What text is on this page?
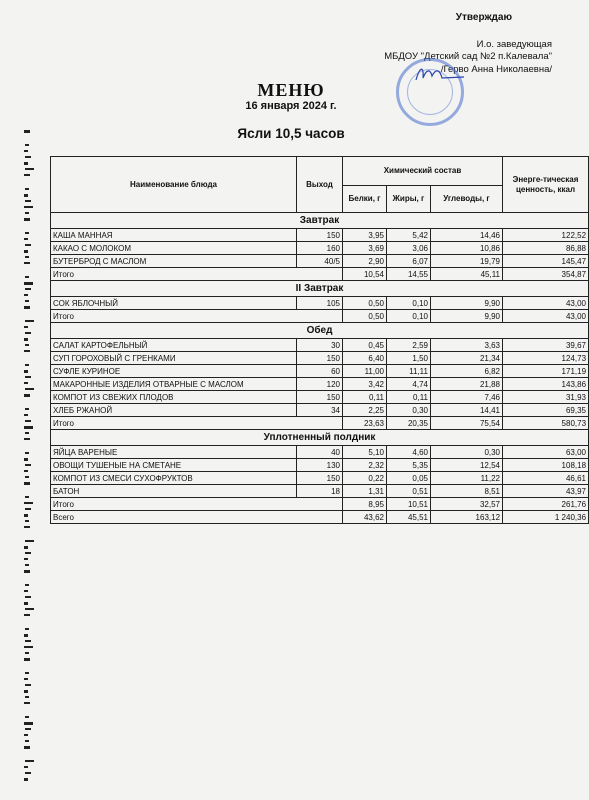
Утверждаю
И.о. заведующая
МБДОУ "Детский сад №2 п.Калевала"
/Герво Анна Николаевна/
МЕНЮ
16 января 2024 г.
Ясли 10,5 часов
Наименование блюда	Выход	Химический состав			Энерге-тическая ценность, ккал
		Белки, г	Жиры, г	Углеводы, г	
Завтрак					
КАША МАННАЯ	150	3,95	5,42	14,46	122,52
КАКАО С МОЛОКОМ	160	3,69	3,06	10,86	86,88
БУТЕРБРОД С МАСЛОМ	40/5	2,90	6,07	19,79	145,47
Итого		10,54	14,55	45,11	354,87
II Завтрак					
СОК ЯБЛОЧНЫЙ	105	0,50	0,10	9,90	43,00
Итого		0,50	0,10	9,90	43,00
Обед					
САЛАТ КАРТОФЕЛЬНЫЙ	30	0,45	2,59	3,63	39,67
СУП ГОРОХОВЫЙ С ГРЕНКАМИ	150	6,40	1,50	21,34	124,73
СУФЛЕ КУРИНОЕ	60	11,00	11,11	6,82	171,19
МАКАРОННЫЕ ИЗДЕЛИЯ ОТВАРНЫЕ С МАСЛОМ	120	3,42	4,74	21,88	143,86
КОМПОТ ИЗ СВЕЖИХ ПЛОДОВ	150	0,11	0,11	7,46	31,93
ХЛЕБ РЖАНОЙ	34	2,25	0,30	14,41	69,35
Итого		23,63	20,35	75,54	580,73
Уплотненный полдник					
ЯЙЦА ВАРЕНЫЕ	40	5,10	4,60	0,30	63,00
ОВОЩИ ТУШЕНЫЕ НА СМЕТАНЕ	130	2,32	5,35	12,54	108,18
КОМПОТ ИЗ СМЕСИ СУХОФРУКТОВ	150	0,22	0,05	11,22	46,61
БАТОН	18	1,31	0,51	8,51	43,97
Итого		8,95	10,51	32,57	261,76
Всего		43,62	45,51	163,12	1 240,36
